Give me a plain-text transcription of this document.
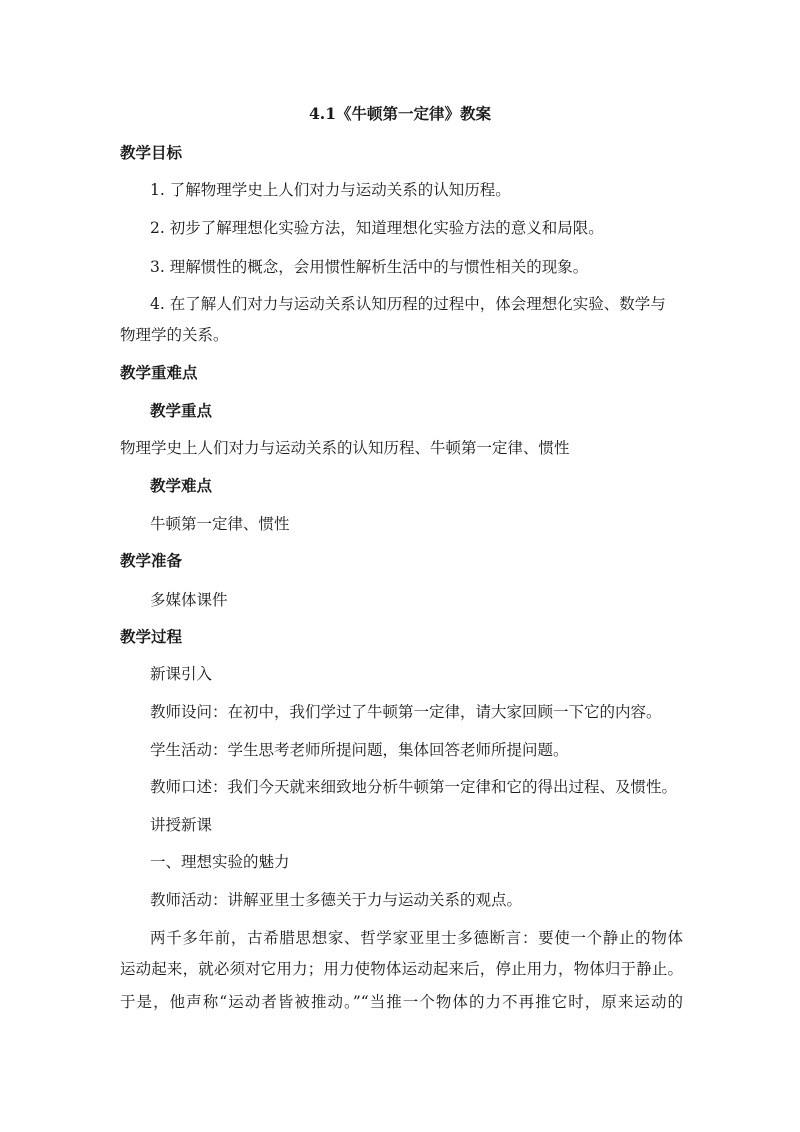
4.1《牛顿第一定律》教案
教学目标
1. 了解物理学史上人们对力与运动关系的认知历程。
2. 初步了解理想化实验方法，知道理想化实验方法的意义和局限。
3. 理解惯性的概念，会用惯性解析生活中的与惯性相关的现象。
4. 在了解人们对力与运动关系认知历程的过程中，体会理想化实验、数学与
物理学的关系。
教学重难点
教学重点
物理学史上人们对力与运动关系的认知历程、牛顿第一定律、惯性
教学难点
牛顿第一定律、惯性
教学准备
多媒体课件
教学过程
新课引入
教师设问：在初中，我们学过了牛顿第一定律，请大家回顾一下它的内容。
学生活动：学生思考老师所提问题，集体回答老师所提问题。
教师口述：我们今天就来细致地分析牛顿第一定律和它的得出过程、及惯性。
讲授新课
一、理想实验的魅力
教师活动：讲解亚里士多德关于力与运动关系的观点。
两千多年前，古希腊思想家、哲学家亚里士多德断言：要使一个静止的物体
运动起来，就必须对它用力；用力使物体运动起来后，停止用力，物体归于静止。
于是，他声称“运动者皆被推动。”“当推一个物体的力不再推它时，原来运动的
